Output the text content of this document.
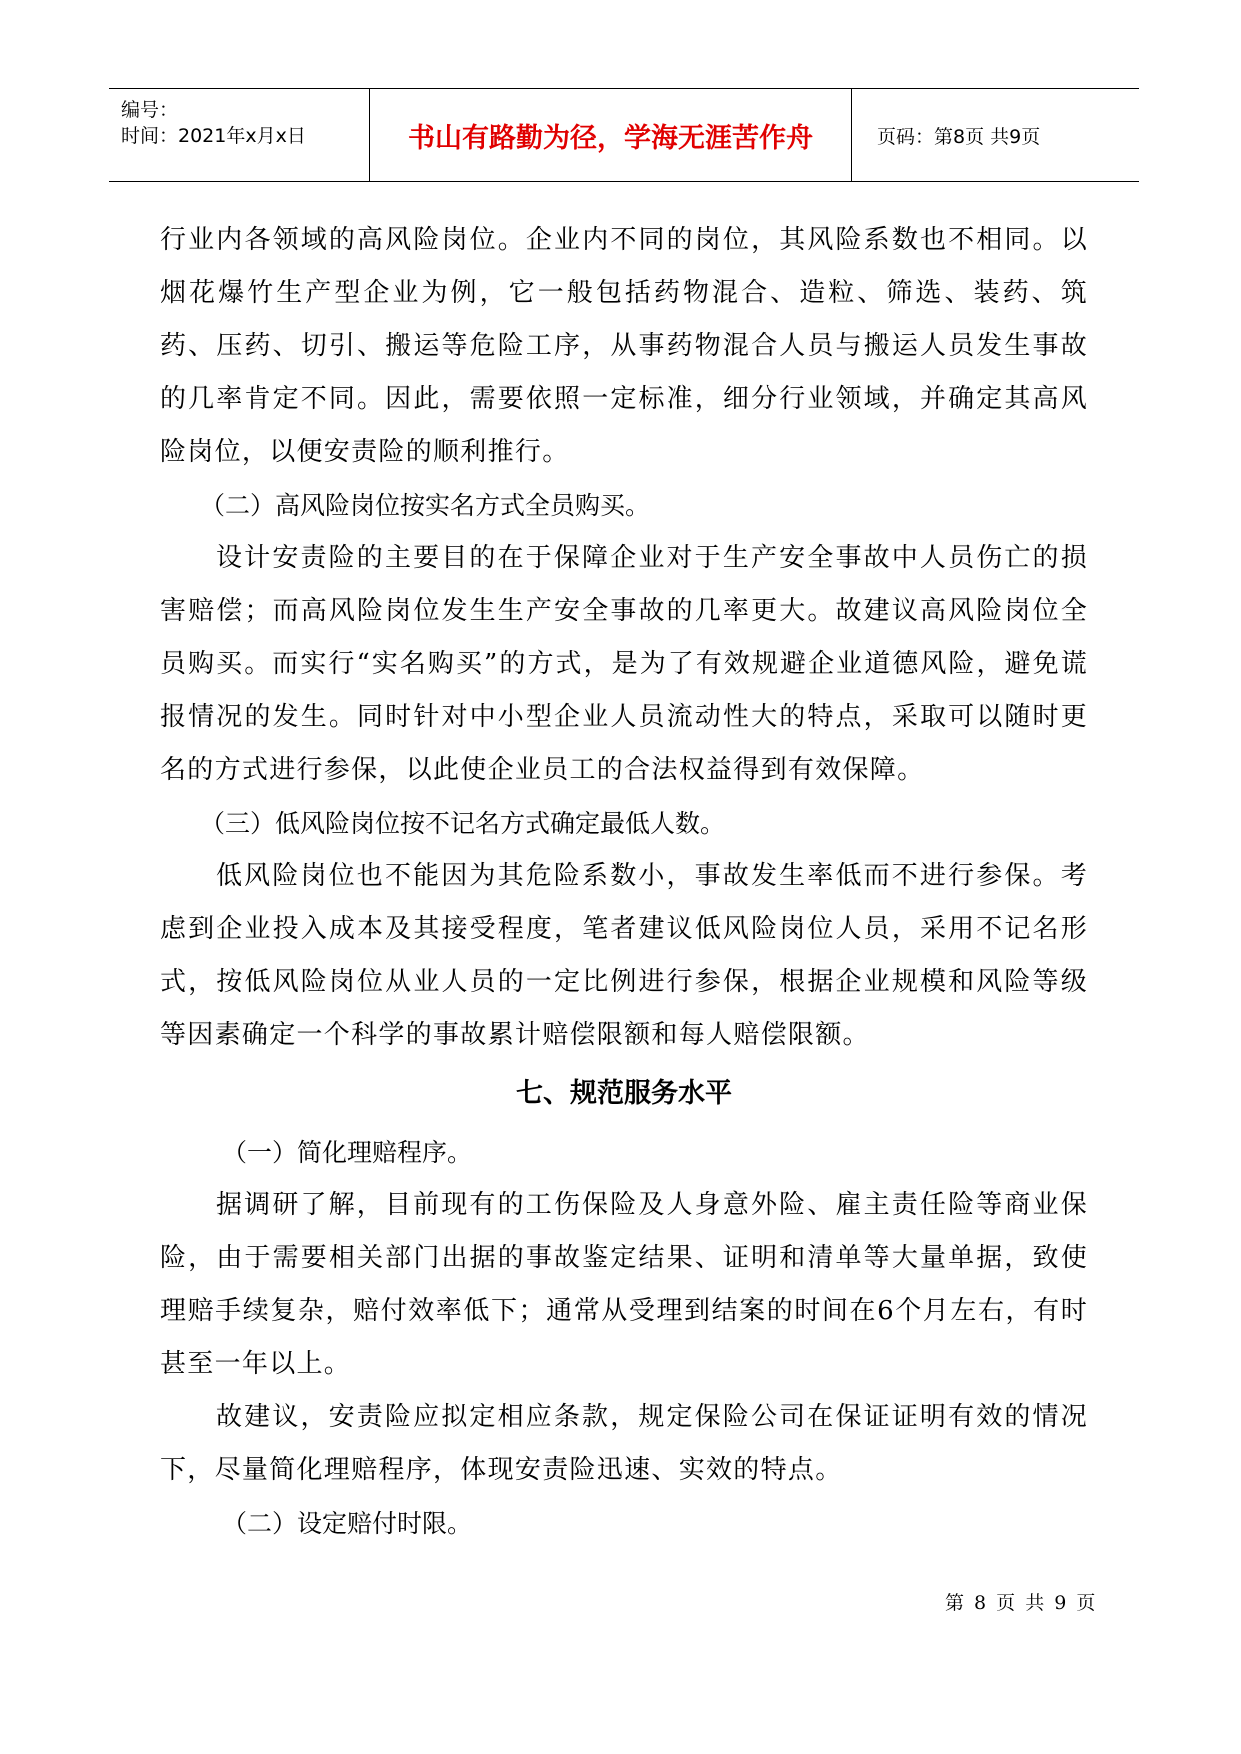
编号：
时间：2021年x月x日	书山有路勤为径，学海无涯苦作舟	页码：第8页 共9页

行业内各领域的高风险岗位。企业内不同的岗位，其风险系数也不相同。以烟花爆竹生产型企业为例，它一般包括药物混合、造粒、筛选、装药、筑药、压药、切引、搬运等危险工序，从事药物混合人员与搬运人员发生事故的几率肯定不同。因此，需要依照一定标准，细分行业领域，并确定其高风险岗位，以便安责险的顺利推行。

（二）高风险岗位按实名方式全员购买。

设计安责险的主要目的在于保障企业对于生产安全事故中人员伤亡的损害赔偿；而高风险岗位发生生产安全事故的几率更大。故建议高风险岗位全员购买。而实行“实名购买”的方式，是为了有效规避企业道德风险，避免谎报情况的发生。同时针对中小型企业人员流动性大的特点，采取可以随时更名的方式进行参保，以此使企业员工的合法权益得到有效保障。

（三）低风险岗位按不记名方式确定最低人数。

低风险岗位也不能因为其危险系数小，事故发生率低而不进行参保。考虑到企业投入成本及其接受程度，笔者建议低风险岗位人员，采用不记名形式，按低风险岗位从业人员的一定比例进行参保，根据企业规模和风险等级等因素确定一个科学的事故累计赔偿限额和每人赔偿限额。

七、规范服务水平

（一）简化理赔程序。

据调研了解，目前现有的工伤保险及人身意外险、雇主责任险等商业保险，由于需要相关部门出据的事故鉴定结果、证明和清单等大量单据，致使理赔手续复杂，赔付效率低下；通常从受理到结案的时间在6个月左右，有时甚至一年以上。

故建议，安责险应拟定相应条款，规定保险公司在保证证明有效的情况下，尽量简化理赔程序，体现安责险迅速、实效的特点。

（二）设定赔付时限。

第 8 页 共 9 页
